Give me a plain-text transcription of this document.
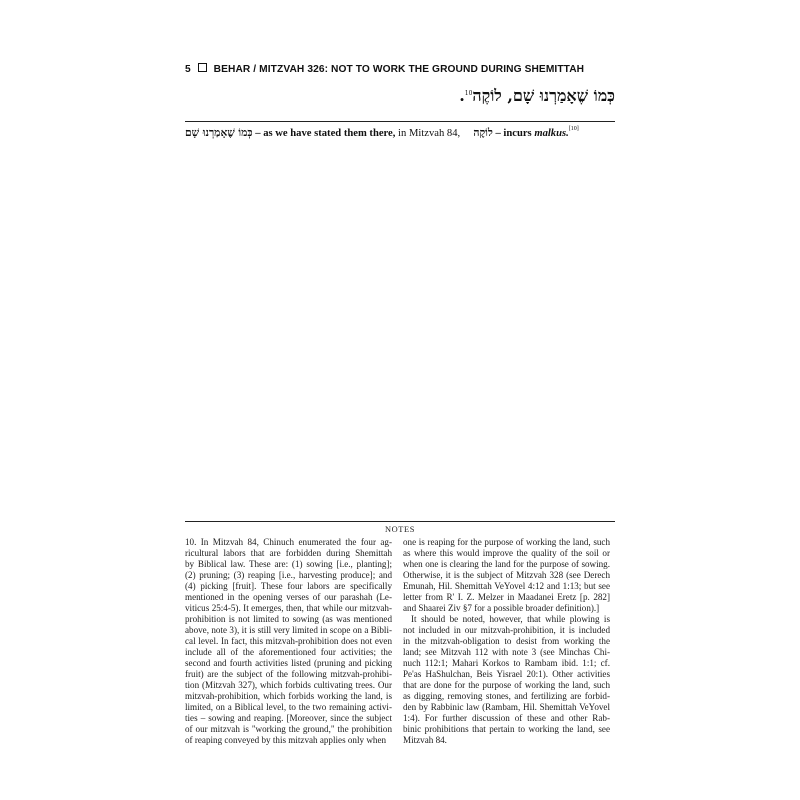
5 BEHAR / MITZVAH 326: NOT TO WORK THE GROUND DURING SHEMITTAH
כְּמוֹ שֶׁאָמַרְנוּ שָׁם, לוֹקֶה$^{10}$.
כְּמוֹ שֶׁאָמַרְנוּ שָׁם – as we have stated them there, in Mitzvah 84, לוֹקֶה – incurs malkus.[10]
NOTES

10. In Mitzvah 84, Chinuch enumerated the four ag-

ricultural labors that are forbidden during Shemittah

by Biblical law. These are: (1) sowing [i.e., planting];

(2) pruning; (3) reaping [i.e., harvesting produce]; and

(4) picking [fruit]. These four labors are specifically

mentioned in the opening verses of our parashah (Le-

viticus 25:4-5). It emerges, then, that while our mitzvah-

prohibition is not limited to sowing (as was mentioned

above, note 3), it is still very limited in scope on a Bibli-

cal level. In fact, this mitzvah-prohibition does not even

include all of the aforementioned four activities; the

second and fourth activities listed (pruning and picking

fruit) are the subject of the following mitzvah-prohibi-

tion (Mitzvah 327), which forbids cultivating trees. Our

mitzvah-prohibition, which forbids working the land, is

limited, on a Biblical level, to the two remaining activi-

ties – sowing and reaping. [Moreover, since the subject

of our mitzvah is "working the ground," the prohibition

of reaping conveyed by this mitzvah applies only when

one is reaping for the purpose of working the land, such

as where this would improve the quality of the soil or

when one is clearing the land for the purpose of sowing.

Otherwise, it is the subject of Mitzvah 328 (see Derech

Emunah, Hil. Shemittah VeYovel 4:12 and 1:13; but see

letter from R' I. Z. Melzer in Maadanei Eretz [p. 282]

and Shaarei Ziv §7 for a possible broader definition).]

It should be noted, however, that while plowing is

not included in our mitzvah-prohibition, it is included

in the mitzvah-obligation to desist from working the

land; see Mitzvah 112 with note 3 (see Minchas Chi-

nuch 112:1; Mahari Korkos to Rambam ibid. 1:1; cf.

Pe'as HaShulchan, Beis Yisrael 20:1). Other activities

that are done for the purpose of working the land, such

as digging, removing stones, and fertilizing are forbid-

den by Rabbinic law (Rambam, Hil. Shemittah VeYovel

1:4). For further discussion of these and other Rab-

binic prohibitions that pertain to working the land, see

Mitzvah 84.
